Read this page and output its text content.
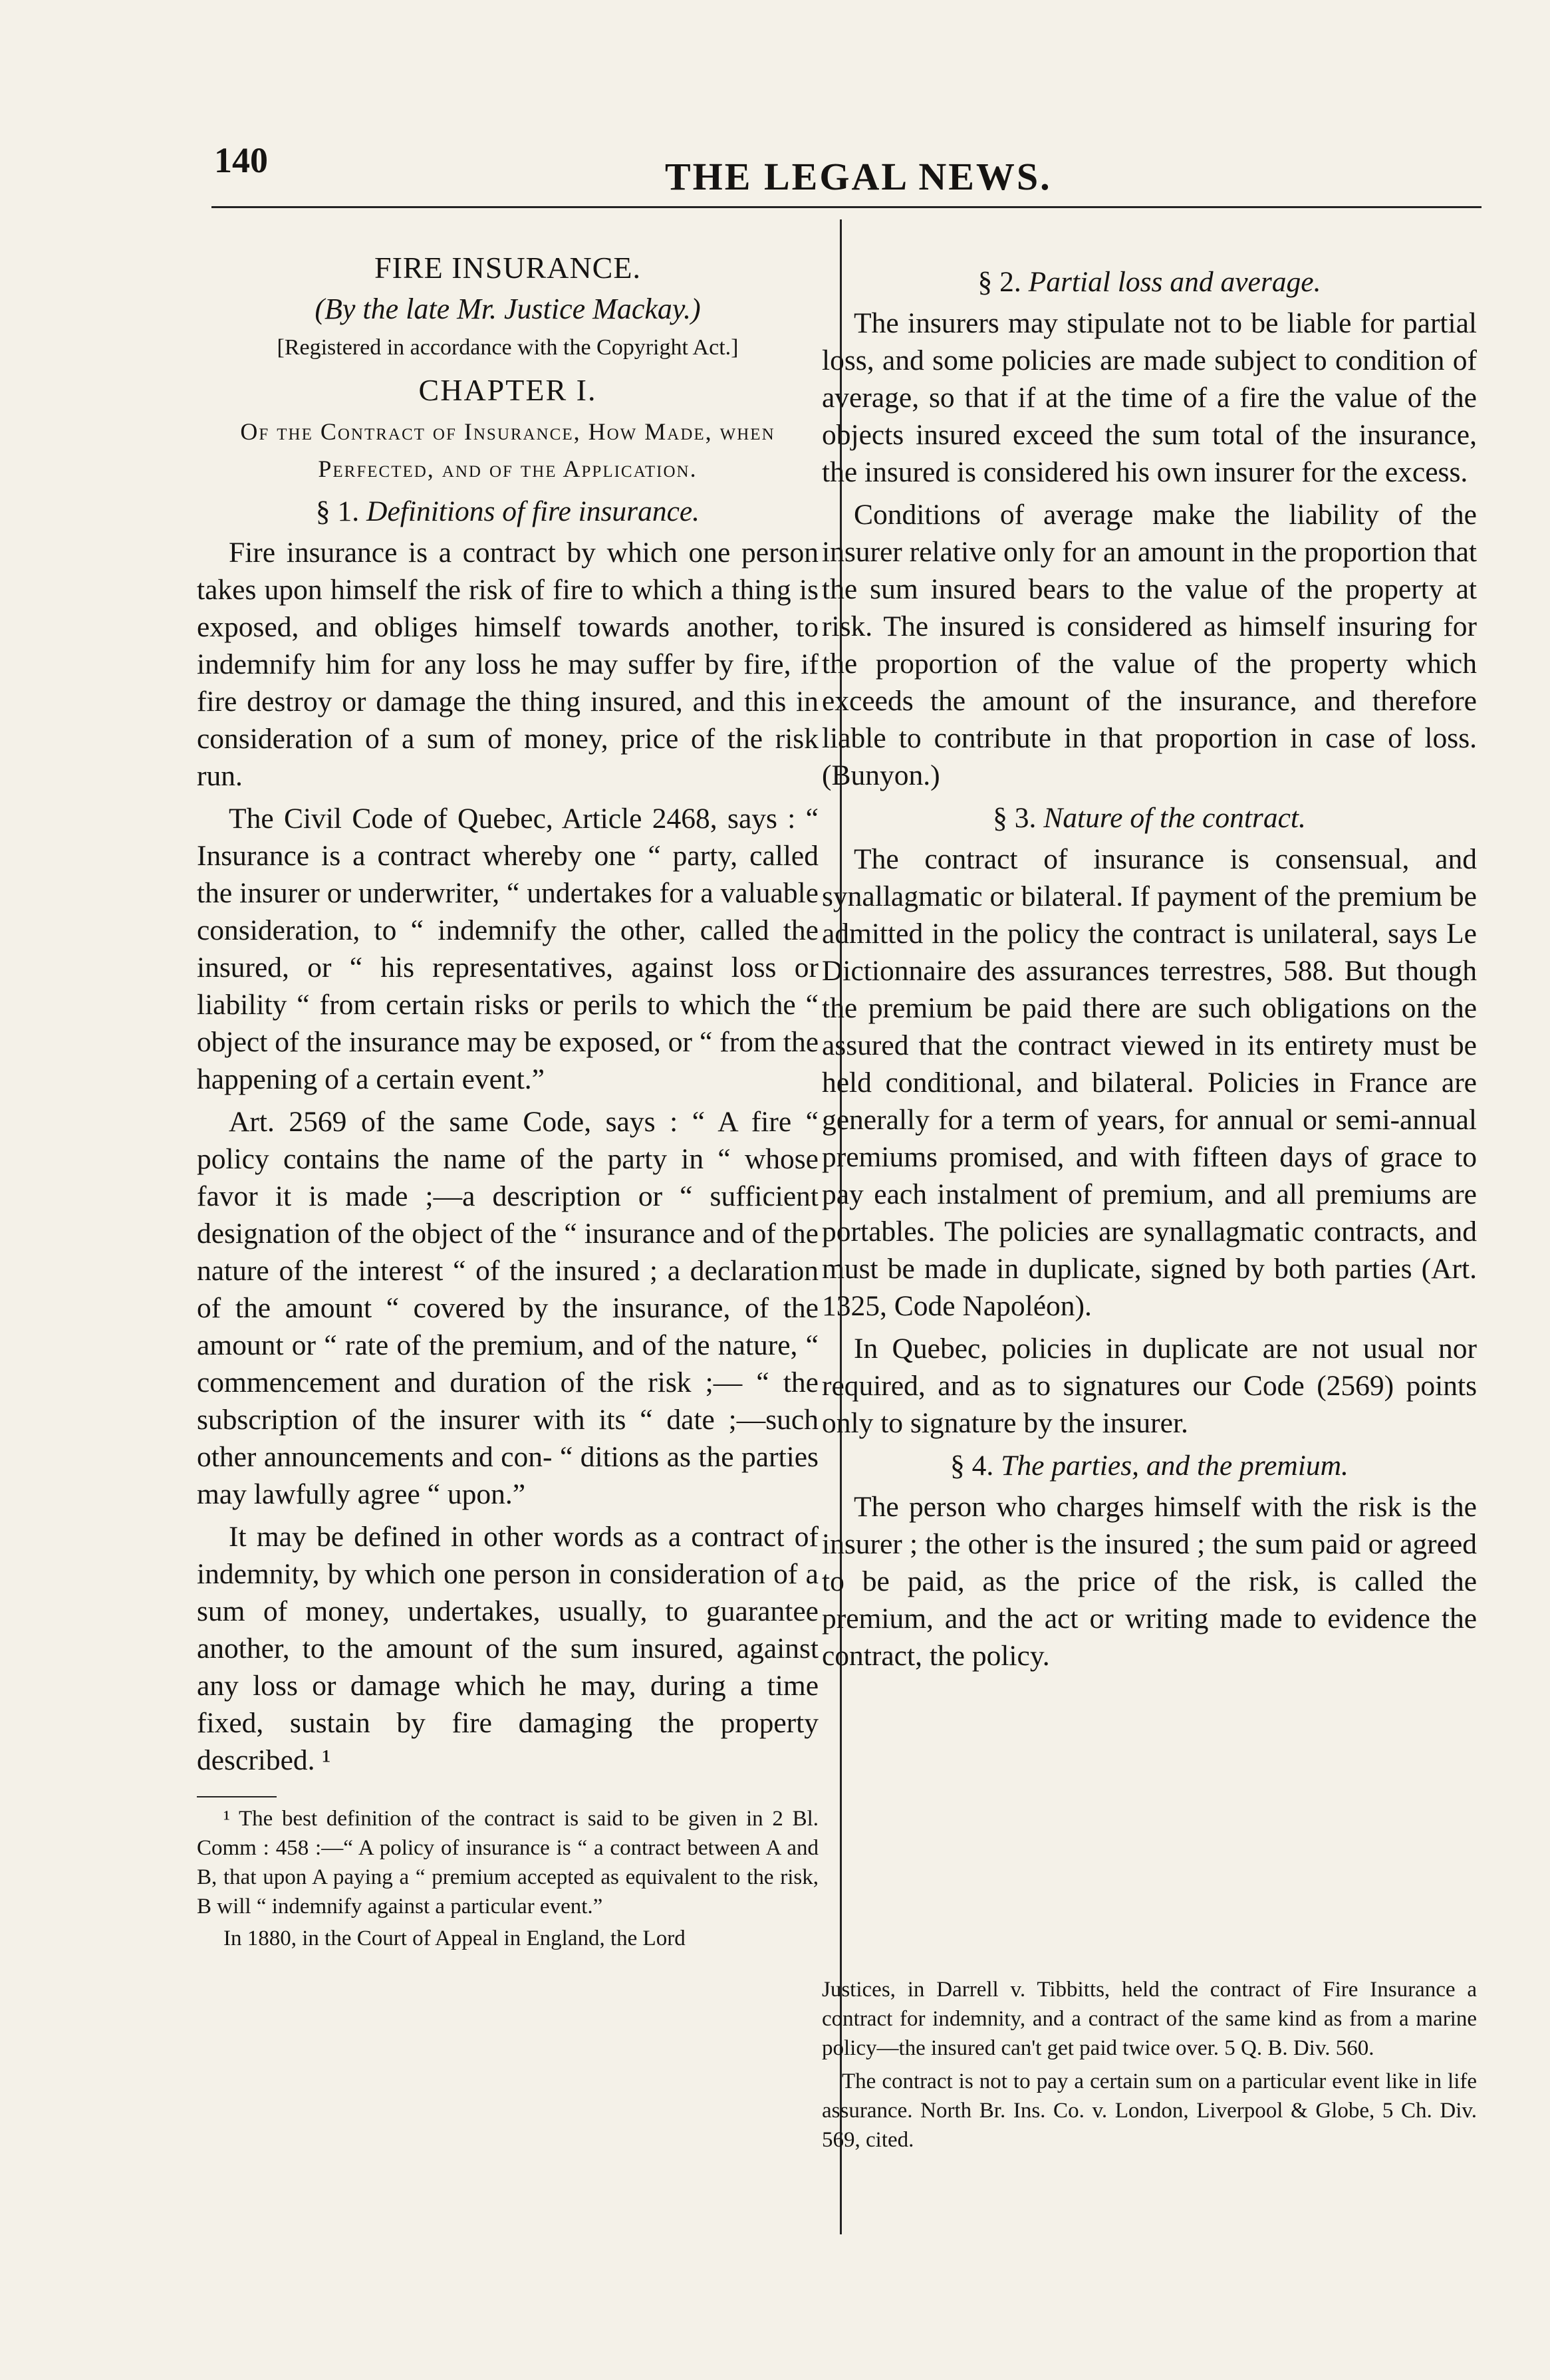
140	THE LEGAL NEWS.
FIRE INSURANCE.
(By the late Mr. Justice Mackay.)
[Registered in accordance with the Copyright Act.]
CHAPTER I.
Of the Contract of Insurance, How Made, when Perfected, and of the Application.
§ 1. Definitions of fire insurance.

Fire insurance is a contract by which one person takes upon himself the risk of fire to which a thing is exposed, and obliges himself towards another, to indemnify him for any loss he may suffer by fire, if fire destroy or damage the thing insured, and this in consideration of a sum of money, price of the risk run.

The Civil Code of Quebec, Article 2468, says : “ Insurance is a contract whereby one “ party, called the insurer or underwriter, “ undertakes for a valuable consideration, to “ indemnify the other, called the insured, or “ his representatives, against loss or liability “ from certain risks or perils to which the “ object of the insurance may be exposed, or “ from the happening of a certain event.”

Art. 2569 of the same Code, says : “ A fire “ policy contains the name of the party in “ whose favor it is made ;—a description or “ sufficient designation of the object of the “ insurance and of the nature of the interest “ of the insured ; a declaration of the amount “ covered by the insurance, of the amount or “ rate of the premium, and of the nature, “ commencement and duration of the risk ;— “ the subscription of the insurer with its “ date ;—such other announcements and con- “ ditions as the parties may lawfully agree “ upon.”

It may be defined in other words as a contract of indemnity, by which one person in consideration of a sum of money, undertakes, usually, to guarantee another, to the amount of the sum insured, against any loss or damage which he may, during a time fixed, sustain by fire damaging the property described. ¹

¹ The best definition of the contract is said to be given in 2 Bl. Comm : 458 :—“ A policy of insurance is “ a contract between A and B, that upon A paying a “ premium accepted as equivalent to the risk, B will “ indemnify against a particular event.”

In 1880, in the Court of Appeal in England, the Lord

§ 2. Partial loss and average.

The insurers may stipulate not to be liable for partial loss, and some policies are made subject to condition of average, so that if at the time of a fire the value of the objects insured exceed the sum total of the insurance, the insured is considered his own insurer for the excess.

Conditions of average make the liability of the insurer relative only for an amount in the proportion that the sum insured bears to the value of the property at risk. The insured is considered as himself insuring for the proportion of the value of the property which exceeds the amount of the insurance, and therefore liable to contribute in that proportion in case of loss. (Bunyon.)

§ 3. Nature of the contract.

The contract of insurance is consensual, and synallagmatic or bilateral. If payment of the premium be admitted in the policy the contract is unilateral, says Le Dictionnaire des assurances terrestres, 588. But though the premium be paid there are such obligations on the assured that the contract viewed in its entirety must be held conditional, and bilateral. Policies in France are generally for a term of years, for annual or semi-annual premiums promised, and with fifteen days of grace to pay each instalment of premium, and all premiums are portables. The policies are synallagmatic contracts, and must be made in duplicate, signed by both parties (Art. 1325, Code Napoléon).

In Quebec, policies in duplicate are not usual nor required, and as to signatures our Code (2569) points only to signature by the insurer.

§ 4. The parties, and the premium.

The person who charges himself with the risk is the insurer ; the other is the insured ; the sum paid or agreed to be paid, as the price of the risk, is called the premium, and the act or writing made to evidence the contract, the policy.

Justices, in Darrell v. Tibbitts, held the contract of Fire Insurance a contract for indemnity, and a contract of the same kind as from a marine policy—the insured can't get paid twice over. 5 Q. B. Div. 560.

The contract is not to pay a certain sum on a particular event like in life assurance. North Br. Ins. Co. v. London, Liverpool & Globe, 5 Ch. Div. 569, cited.
